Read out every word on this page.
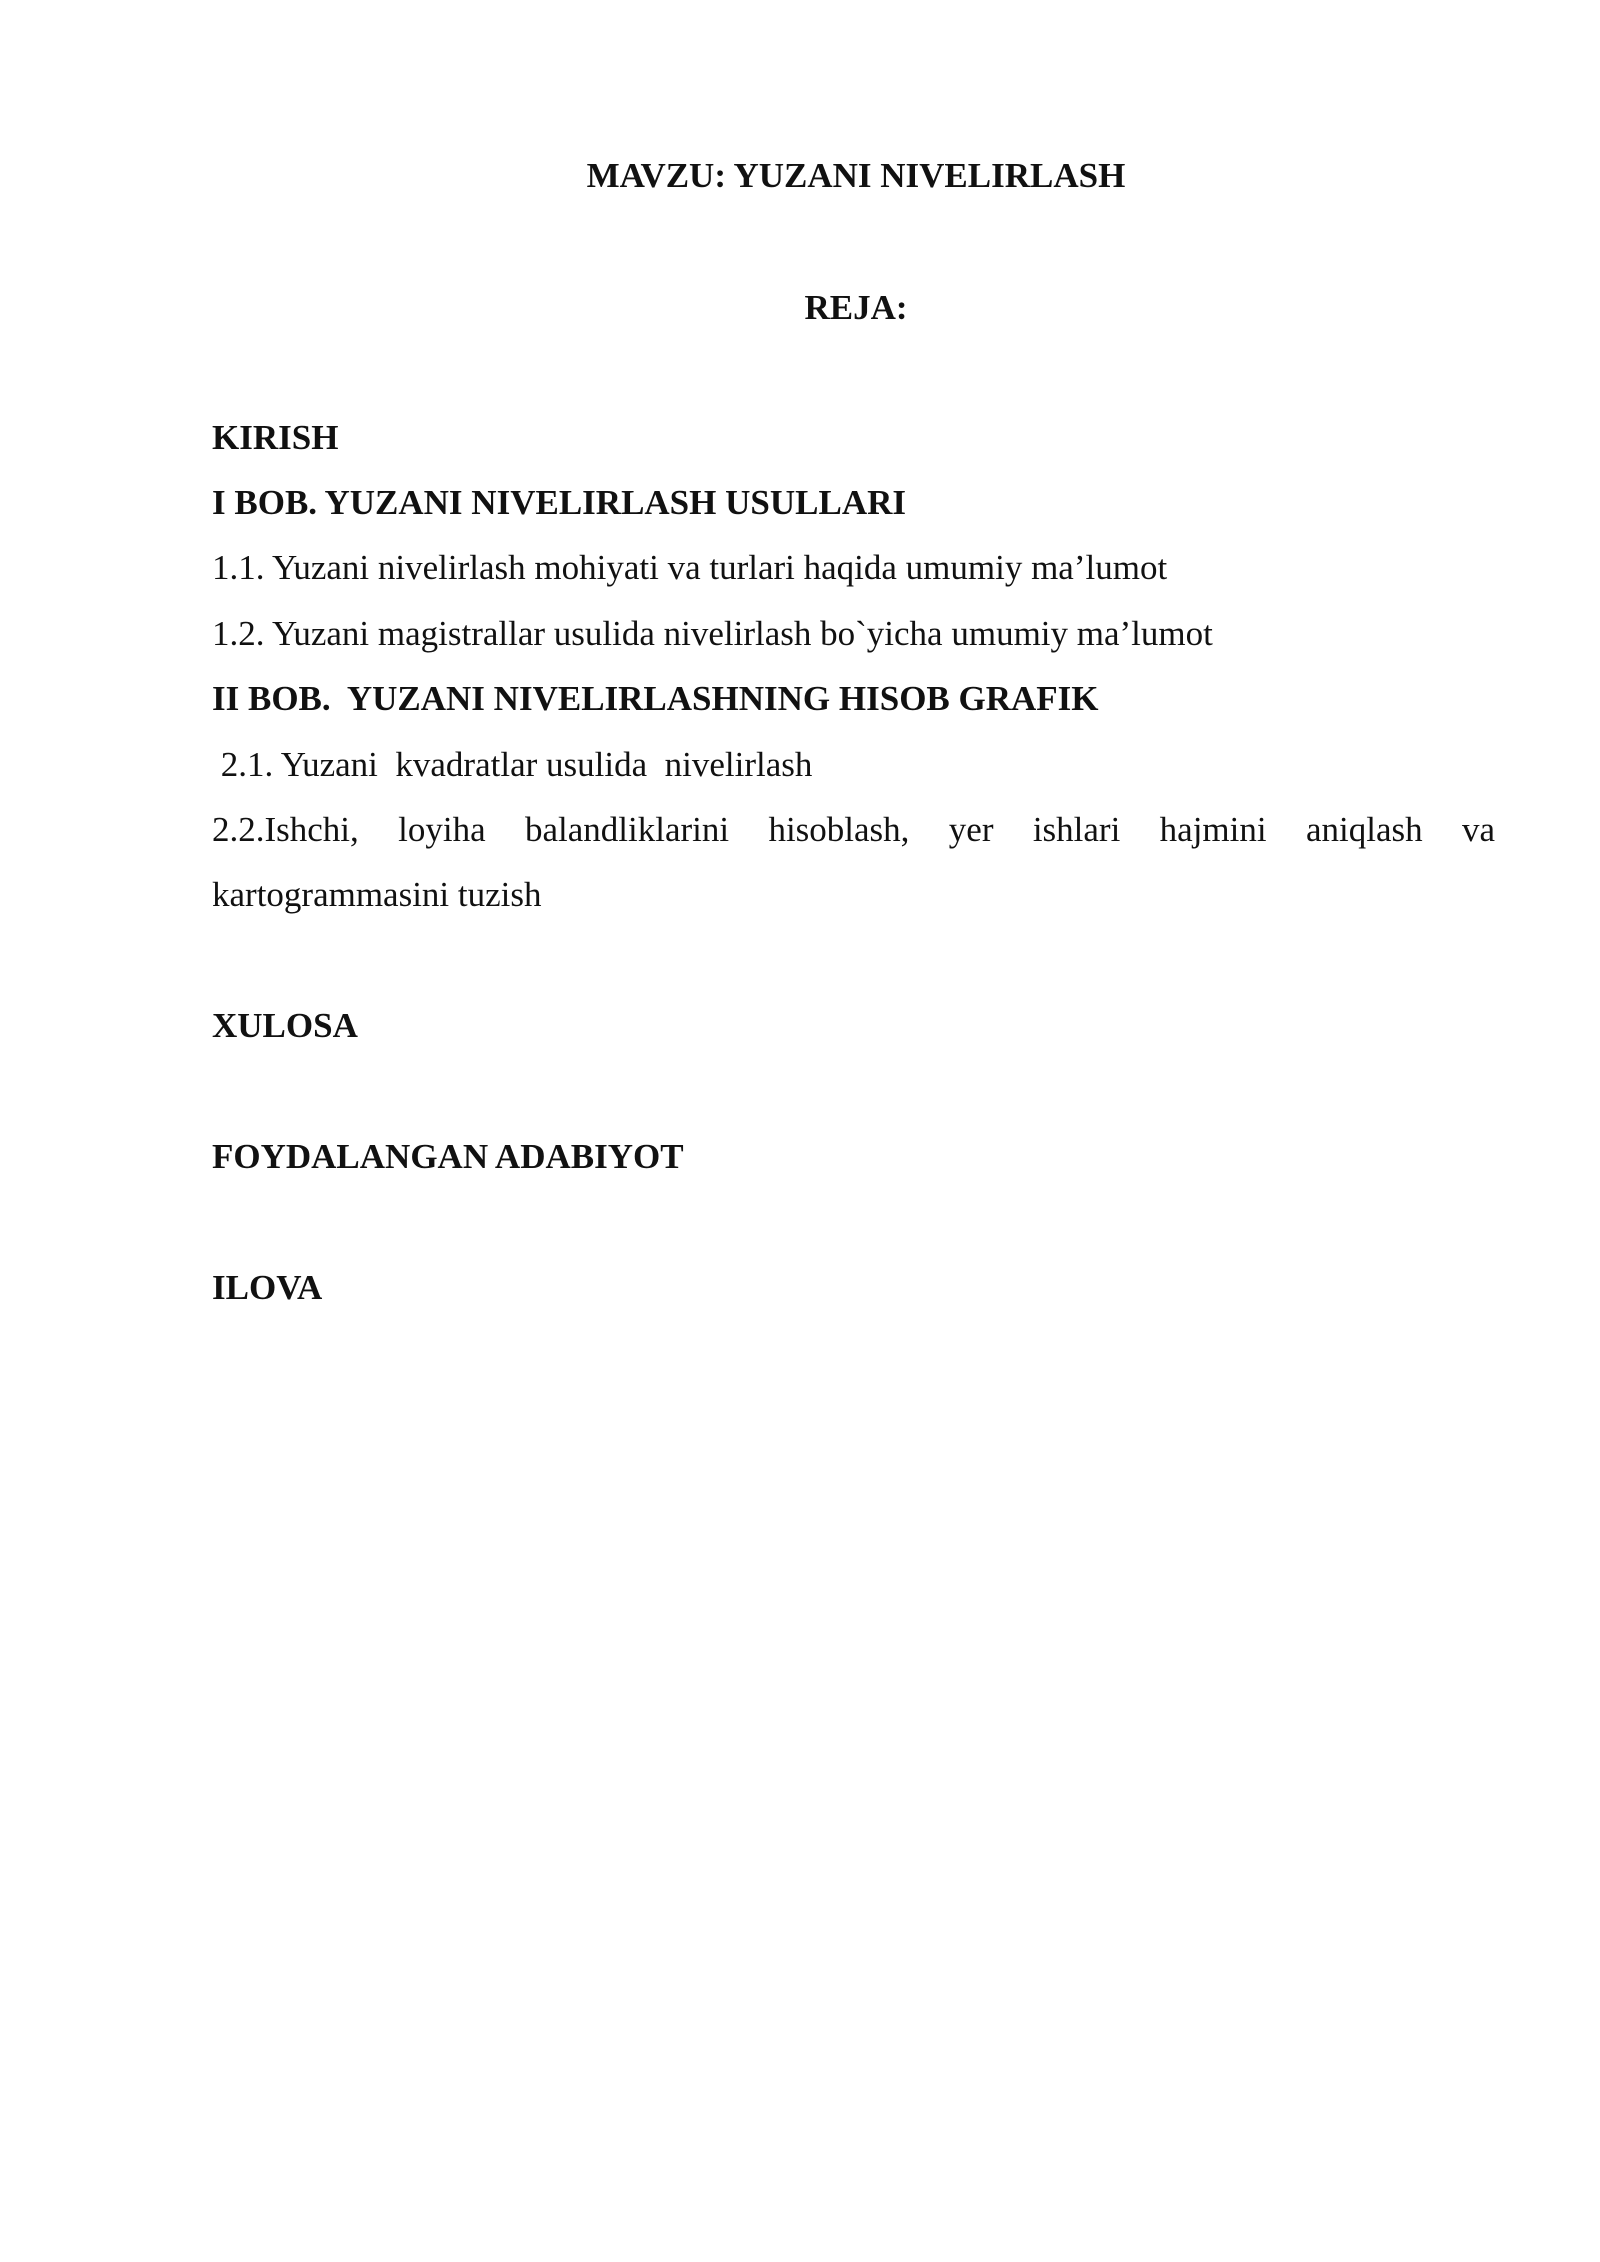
MAVZU: YUZANI NIVELIRLASH
REJA:
KIRISH
I BOB. YUZANI NIVELIRLASH USULLARI
1.1. Yuzani nivelirlash mohiyati va turlari haqida umumiy ma’lumot
1.2. Yuzani magistrallar usulida nivelirlash bo`yicha umumiy ma’lumot
II BOB.  YUZANI NIVELIRLASHNING HISOB GRAFIK
2.1. Yuzani  kvadratlar usulida  nivelirlash
2.2.Ishchi, loyiha balandliklarini hisoblash, yer ishlari hajmini aniqlash va
kartogrammasini tuzish
XULOSA
FOYDALANGAN ADABIYOT
ILOVA
